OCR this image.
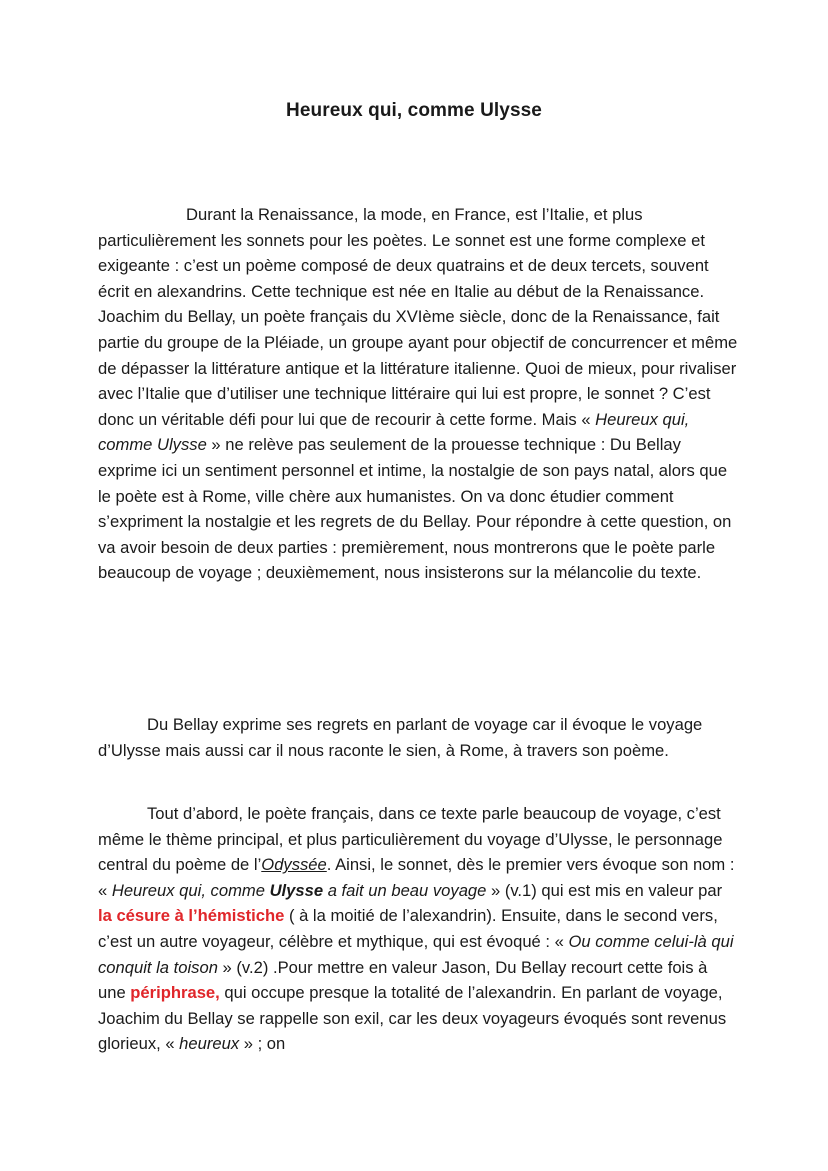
Heureux qui, comme Ulysse

Durant la Renaissance, la mode, en France, est l’Italie, et plus particulièrement les sonnets pour les poètes. Le sonnet est une forme complexe et exigeante : c’est un poème composé de deux quatrains et de deux tercets, souvent écrit en alexandrins. Cette technique est née en Italie au début de la Renaissance. Joachim du Bellay, un poète français du XVIème siècle, donc de la Renaissance, fait partie du groupe de la Pléiade, un groupe ayant pour objectif de concurrencer et même de dépasser la littérature antique et la littérature italienne. Quoi de mieux, pour rivaliser avec l’Italie que d’utiliser une technique littéraire qui lui est propre, le sonnet ? C’est donc un véritable défi pour lui que de recourir à cette forme. Mais « Heureux qui, comme Ulysse » ne relève pas seulement de la prouesse technique : Du Bellay exprime ici un sentiment personnel et intime, la nostalgie de son pays natal, alors que le poète est à Rome, ville chère aux humanistes. On va donc étudier comment s’expriment la nostalgie et les regrets de du Bellay. Pour répondre à cette question, on va avoir besoin de deux parties : premièrement, nous montrerons que le poète parle beaucoup de voyage ; deuxièmement, nous insisterons sur la mélancolie du texte.

Du Bellay exprime ses regrets en parlant de voyage car il évoque le voyage d’Ulysse mais aussi car il nous raconte le sien, à Rome, à travers son poème.

Tout d’abord, le poète français, dans ce texte parle beaucoup de voyage, c’est même le thème principal, et plus particulièrement du voyage d’Ulysse, le personnage central du poème de l’Odyssée. Ainsi, le sonnet, dès le premier vers évoque son nom : « Heureux qui, comme Ulysse a fait un beau voyage » (v.1) qui est mis en valeur par la césure à l’hémistiche ( à la moitié de l’alexandrin). Ensuite, dans le second vers, c’est un autre voyageur, célèbre et mythique, qui est évoqué : « Ou comme celui-là qui conquit la toison » (v.2) .Pour mettre en valeur Jason, Du Bellay recourt cette fois à une périphrase, qui occupe presque la totalité de l’alexandrin. En parlant de voyage, Joachim du Bellay se rappelle son exil, car les deux voyageurs évoqués sont revenus glorieux, « heureux » ; on
